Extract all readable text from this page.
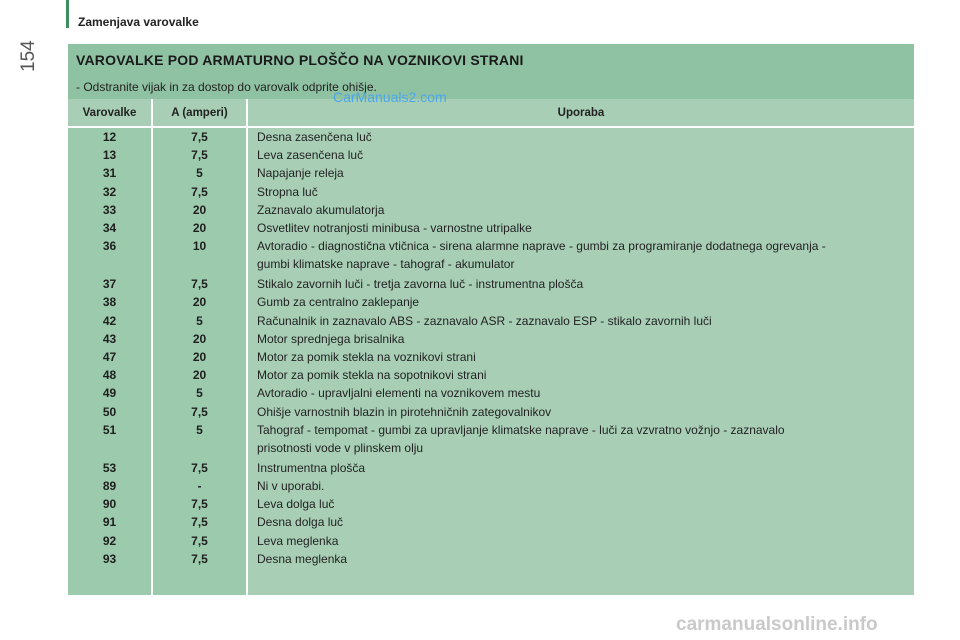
Zamenjava varovalke
154	VAROVALKE POD ARMATURNO PLOŠČO NA VOZNIKOVI STRANI
- Odstranite vijak in za dostop do varovalk odprite ohišje.
Varovalke	A (amperi)	Uporaba
12	7,5	Desna zasenčena luč
13	7,5	Leva zasenčena luč
31	5	Napajanje releja
32	7,5	Stropna luč
33	20	Zaznavalo akumulatorja
34	20	Osvetlitev notranjosti minibusa - varnostne utripalke
36	10	Avtoradio - diagnostična vtičnica - sirena alarmne naprave - gumbi za programiranje dodatnega ogrevanja -
gumbi klimatske naprave - tahograf - akumulator
37	7,5	Stikalo zavornih luči - tretja zavorna luč - instrumentna plošča
38	20	Gumb za centralno zaklepanje
42	5	Računalnik in zaznavalo ABS - zaznavalo ASR - zaznavalo ESP - stikalo zavornih luči
43	20	Motor sprednjega brisalnika
47	20	Motor za pomik stekla na voznikovi strani
48	20	Motor za pomik stekla na sopotnikovi strani
49	5	Avtoradio - upravljalni elementi na voznikovem mestu
50	7,5	Ohišje varnostnih blazin in pirotehničnih zategovalnikov
51	5	Tahograf - tempomat - gumbi za upravljanje klimatske naprave - luči za vzvratno vožnjo - zaznavalo
prisotnosti vode v plinskem olju
53	7,5	Instrumentna plošča
89	-	Ni v uporabi.
90	7,5	Leva dolga luč
91	7,5	Desna dolga luč
92	7,5	Leva meglenka
93	7,5	Desna meglenka
CarManuals2.com
carmanualsonline.info
